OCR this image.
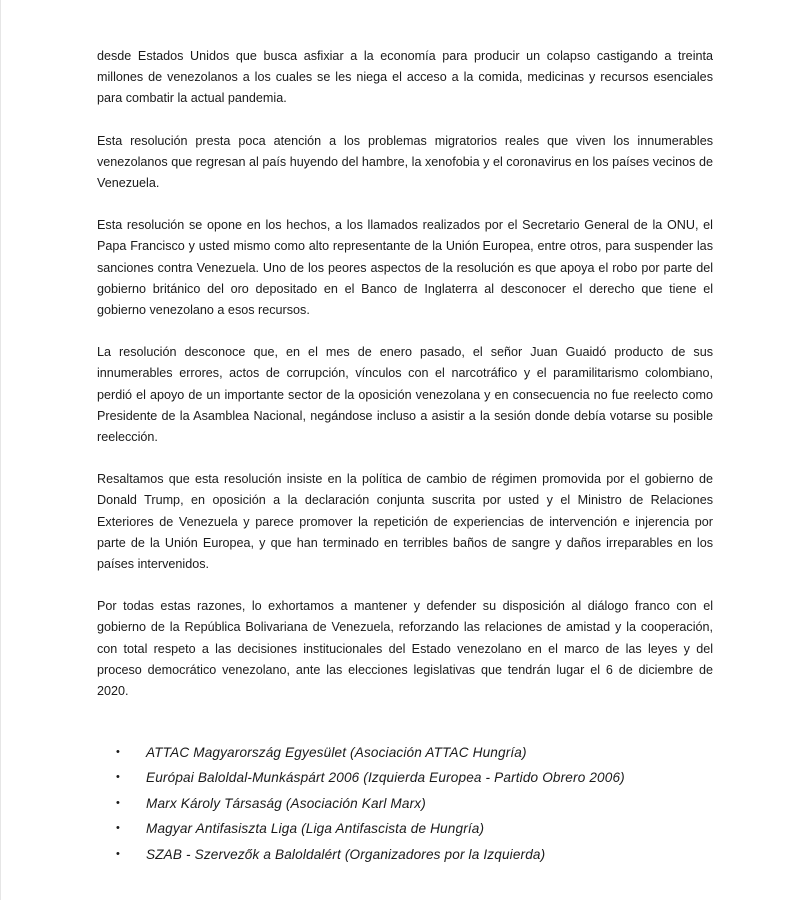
desde Estados Unidos que busca asfixiar a la economía para producir un colapso castigando a treinta millones de venezolanos a los cuales se les niega el acceso a la comida, medicinas y recursos esenciales para combatir la actual pandemia.

Esta resolución presta poca atención a los problemas migratorios reales que viven los innumerables venezolanos que regresan al país huyendo del hambre, la xenofobia y el coronavirus en los países vecinos de Venezuela.

Esta resolución se opone en los hechos, a los llamados realizados por el Secretario General de la ONU, el Papa Francisco y usted mismo como alto representante de la Unión Europea, entre otros, para suspender las sanciones contra Venezuela. Uno de los peores aspectos de la resolución es que apoya el robo por parte del gobierno británico del oro depositado en el Banco de Inglaterra al desconocer el derecho que tiene el gobierno venezolano a esos recursos.

La resolución desconoce que, en el mes de enero pasado, el señor Juan Guaidó producto de sus innumerables errores, actos de corrupción, vínculos con el narcotráfico y el paramilitarismo colombiano, perdió el apoyo de un importante sector de la oposición venezolana y en consecuencia no fue reelecto como Presidente de la Asamblea Nacional, negándose incluso a asistir a la sesión donde debía votarse su posible reelección.

Resaltamos que esta resolución insiste en la política de cambio de régimen promovida por el gobierno de Donald Trump, en oposición a la declaración conjunta suscrita por usted y el Ministro de Relaciones Exteriores de Venezuela y parece promover la repetición de experiencias de intervención e injerencia por parte de la Unión Europea, y que han terminado en terribles baños de sangre y daños irreparables en los países intervenidos.

Por todas estas razones, lo exhortamos a mantener y defender su disposición al diálogo franco con el gobierno de la República Bolivariana de Venezuela, reforzando las relaciones de amistad y la cooperación, con total respeto a las decisiones institucionales del Estado venezolano en el marco de las leyes y del proceso democrático venezolano, ante las elecciones legislativas que tendrán lugar el 6 de diciembre de 2020.

• ATTAC Magyarország Egyesület (Asociación ATTAC Hungría)
• Európai Baloldal-Munkáspárt 2006 (Izquierda Europea - Partido Obrero 2006)
• Marx Károly Társaság (Asociación Karl Marx)
• Magyar Antifasiszta Liga (Liga Antifascista de Hungría)
• SZAB - Szervezők a Baloldalért (Organizadores por la Izquierda)
